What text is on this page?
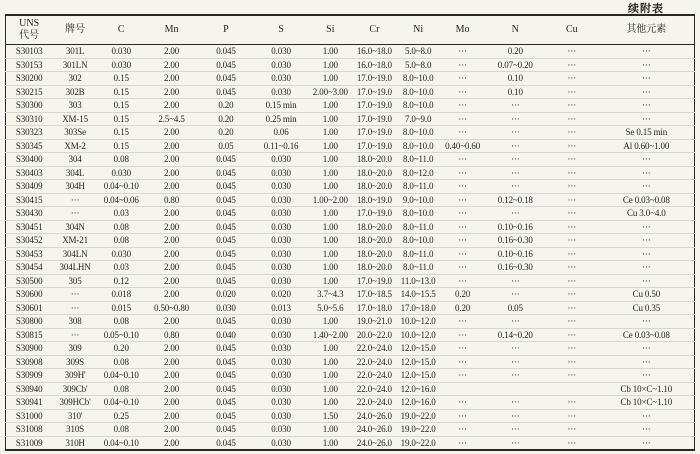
续附表
UNS
代号	牌号	C	Mn	P	S	Si	Cr	Ni	Mo	N	Cu	其他元素
S30103	301L	0.030	2.00	0.045	0.030	1.00	16.0~18.0	5.0~8.0	···	0.20	···	···
S30153	301LN	0.030	2.00	0.045	0.030	1.00	16.0~18.0	5.0~8.0	···	0.07~0.20	···	···
S30200	302	0.15	2.00	0.045	0.030	1.00	17.0~19.0	8.0~10.0	···	0.10	···	···
S30215	302B	0.15	2.00	0.045	0.030	2.00~3.00	17.0~19.0	8.0~10.0	···	0.10	···	···
S30300	303	0.15	2.00	0.20	0.15 min	1.00	17.0~19.0	8.0~10.0	···	···	···	···
S30310	XM-15	0.15	2.5~4.5	0.20	0.25 min	1.00	17.0~19.0	7.0~9.0	···	···	···	···
S30323	303Se	0.15	2.00	0.20	0.06	1.00	17.0~19.0	8.0~10.0	···	···	···	Se 0.15 min
S30345	XM-2	0.15	2.00	0.05	0.11~0.16	1.00	17.0~19.0	8.0~10.0	0.40~0.60	···	···	Al 0.60~1.00
S30400	304	0.08	2.00	0.045	0.030	1.00	18.0~20.0	8.0~11.0	···	···	···	···
S30403	304L	0.030	2.00	0.045	0.030	1.00	18.0~20.0	8.0~12.0	···	···	···	···
S30409	304H	0.04~0.10	2.00	0.045	0.030	1.00	18.0~20.0	8.0~11.0	···	···	···	···
S30415	···	0.04~0.06	0.80	0.045	0.030	1.00~2.00	18.0~19.0	9.0~10.0	···	0.12~0.18	···	Ce 0.03~0.08
S30430	···	0.03	2.00	0.045	0.030	1.00	17.0~19.0	8.0~10.0	···	···	···	Cu 3.0~4.0
S30451	304N	0.08	2.00	0.045	0.030	1.00	18.0~20.0	8.0~11.0	···	0.10~0.16	···	···
S30452	XM-21	0.08	2.00	0.045	0.030	1.00	18.0~20.0	8.0~10.0	···	0.16~0.30	···	···
S30453	304LN	0.030	2.00	0.045	0.030	1.00	18.0~20.0	8.0~11.0	···	0.10~0.16	···	···
S30454	304LHN	0.03	2.00	0.045	0.030	1.00	18.0~20.0	8.0~11.0	···	0.16~0.30	···	···
S30500	305	0.12	2.00	0.045	0.030	1.00	17.0~19.0	11.0~13.0	···	···	···	···
S30600	···	0.018	2.00	0.020	0.020	3.7~4.3	17.0~18.5	14.0~15.5	0.20	···	···	Cu 0.50
S30601	···	0.015	0.50~0.80	0.030	0.013	5.0~5.6	17.0~18.0	17.0~18.0	0.20	0.05	···	Cu 0.35
S30800	308	0.08	2.00	0.045	0.030	1.00	19.0~21.0	10.0~12.0	···	···	···	···
S30815	···	0.05~0.10	0.80	0.040	0.030	1.40~2.00	20.0~22.0	10.0~12.0	···	0.14~0.20	···	Ce 0.03~0.08
S30900	309	0.20	2.00	0.045	0.030	1.00	22.0~24.0	12.0~15.0	···	···	···	···
S30908	309S	0.08	2.00	0.045	0.030	1.00	22.0~24.0	12.0~15.0	···	···	···	···
S30909	309H'	0.04~0.10	2.00	0.045	0.030	1.00	22.0~24.0	12.0~15.0	···	···	···	···
S30940	309Cb'	0.08	2.00	0.045	0.030	1.00	22.0~24.0	12.0~16.0				Cb 10×C~1.10
S30941	309HCb'	0.04~0.10	2.00	0.045	0.030	1.00	22.0~24.0	12.0~16.0	···	···	···	Cb 10×C~1.10
S31000	310'	0.25	2.00	0.045	0.030	1.50	24.0~26.0	19.0~22.0	···	···	···	···
S31008	310S	0.08	2.00	0.045	0.030	1.00	24.0~26.0	19.0~22.0	···	···	···	···
S31009	310H	0.04~0.10	2.00	0.045	0.030	1.00	24.0~26.0	19.0~22.0	···	···	···	···
